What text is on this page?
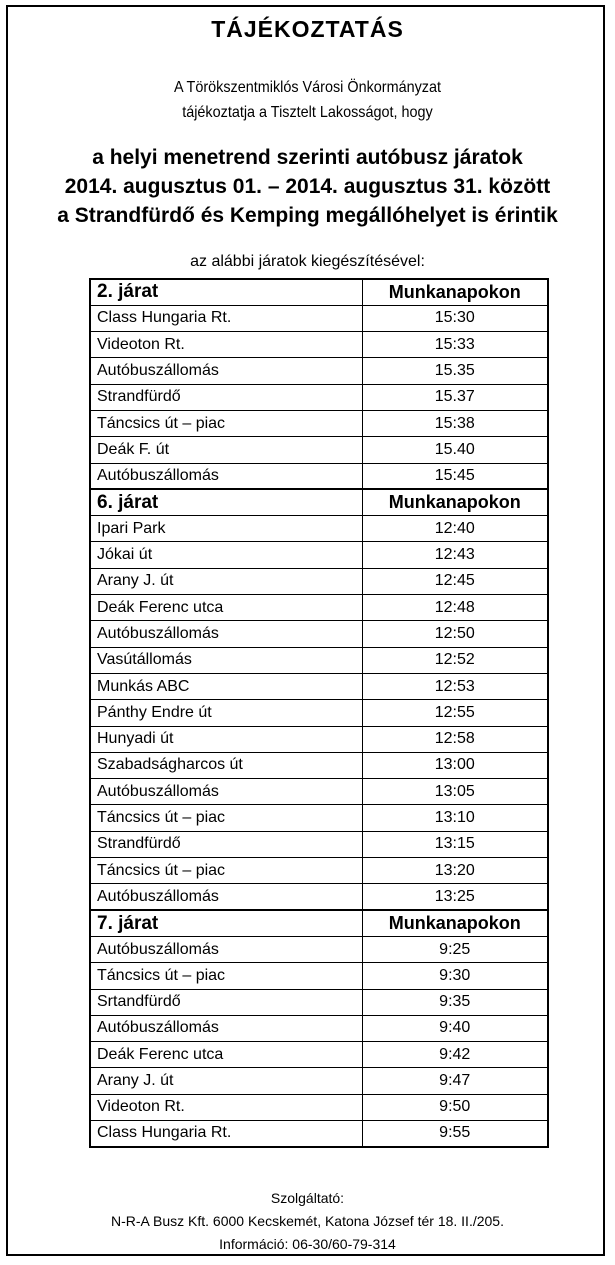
TÁJÉKOZTATÁS
A Törökszentmiklós Városi Önkormányzat
tájékoztatja a Tisztelt Lakosságot, hogy
a helyi menetrend szerinti autóbusz járatok
2014. augusztus 01. – 2014. augusztus 31. között
a Strandfürdő és Kemping megállóhelyet is érintik
az alábbi járatok kiegészítésével:
2. járat	Munkanapokon
Class Hungaria Rt.	15:30
Videoton Rt.	15:33
Autóbuszállomás	15.35
Strandfürdő	15.37
Táncsics út – piac	15:38
Deák F. út	15.40
Autóbuszállomás	15:45
6. járat	Munkanapokon
Ipari Park	12:40
Jókai út	12:43
Arany J. út	12:45
Deák Ferenc utca	12:48
Autóbuszállomás	12:50
Vasútállomás	12:52
Munkás ABC	12:53
Pánthy Endre út	12:55
Hunyadi út	12:58
Szabadságharcos út	13:00
Autóbuszállomás	13:05
Táncsics út – piac	13:10
Strandfürdő	13:15
Táncsics út – piac	13:20
Autóbuszállomás	13:25
7. járat	Munkanapokon
Autóbuszállomás	9:25
Táncsics út – piac	9:30
Srtandfürdő	9:35
Autóbuszállomás	9:40
Deák Ferenc utca	9:42
Arany J. út	9:47
Videoton Rt.	9:50
Class Hungaria Rt.	9:55
Szolgáltató:
N-R-A Busz Kft. 6000 Kecskemét, Katona József tér 18. II./205.
Információ: 06-30/60-79-314
